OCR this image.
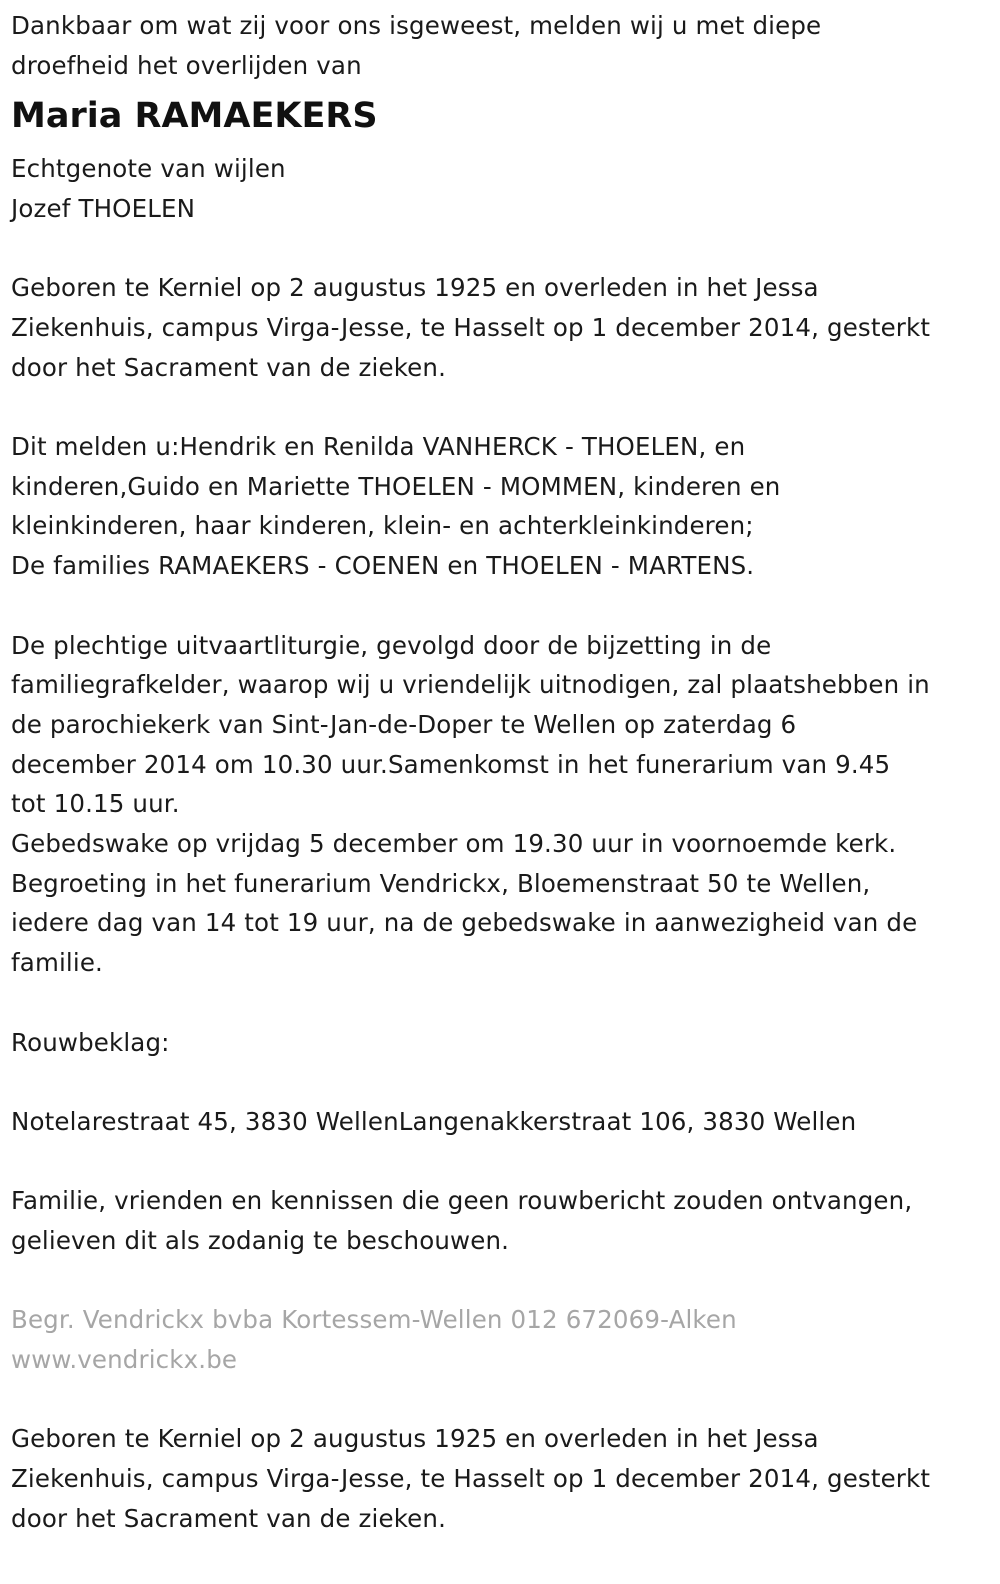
Dankbaar om wat zij voor ons isgeweest, melden wij u met diepe
droefheid het overlijden van
Maria RAMAEKERS
Echtgenote van wijlen
Jozef THOELEN
Geboren te Kerniel op 2 augustus 1925 en overleden in het Jessa
Ziekenhuis, campus Virga-Jesse, te Hasselt op 1 december 2014, gesterkt
door het Sacrament van de zieken.
Dit melden u:Hendrik en Renilda VANHERCK - THOELEN, en
kinderen,Guido en Mariette THOELEN - MOMMEN, kinderen en
kleinkinderen, haar kinderen, klein- en achterkleinkinderen;
De families RAMAEKERS - COENEN en THOELEN - MARTENS.
De plechtige uitvaartliturgie, gevolgd door de bijzetting in de
familiegrafkelder, waarop wij u vriendelijk uitnodigen, zal plaatshebben in
de parochiekerk van Sint-Jan-de-Doper te Wellen op zaterdag 6
december 2014 om 10.30 uur.Samenkomst in het funerarium van 9.45
tot 10.15 uur.
Gebedswake op vrijdag 5 december om 19.30 uur in voornoemde kerk.
Begroeting in het funerarium Vendrickx, Bloemenstraat 50 te Wellen,
iedere dag van 14 tot 19 uur, na de gebedswake in aanwezigheid van de
familie.
Rouwbeklag:
Notelarestraat 45, 3830 WellenLangenakkerstraat 106, 3830 Wellen
Familie, vrienden en kennissen die geen rouwbericht zouden ontvangen,
gelieven dit als zodanig te beschouwen.
Begr. Vendrickx bvba Kortessem-Wellen 012 672069-Alken
www.vendrickx.be
Geboren te Kerniel op 2 augustus 1925 en overleden in het Jessa
Ziekenhuis, campus Virga-Jesse, te Hasselt op 1 december 2014, gesterkt
door het Sacrament van de zieken.
